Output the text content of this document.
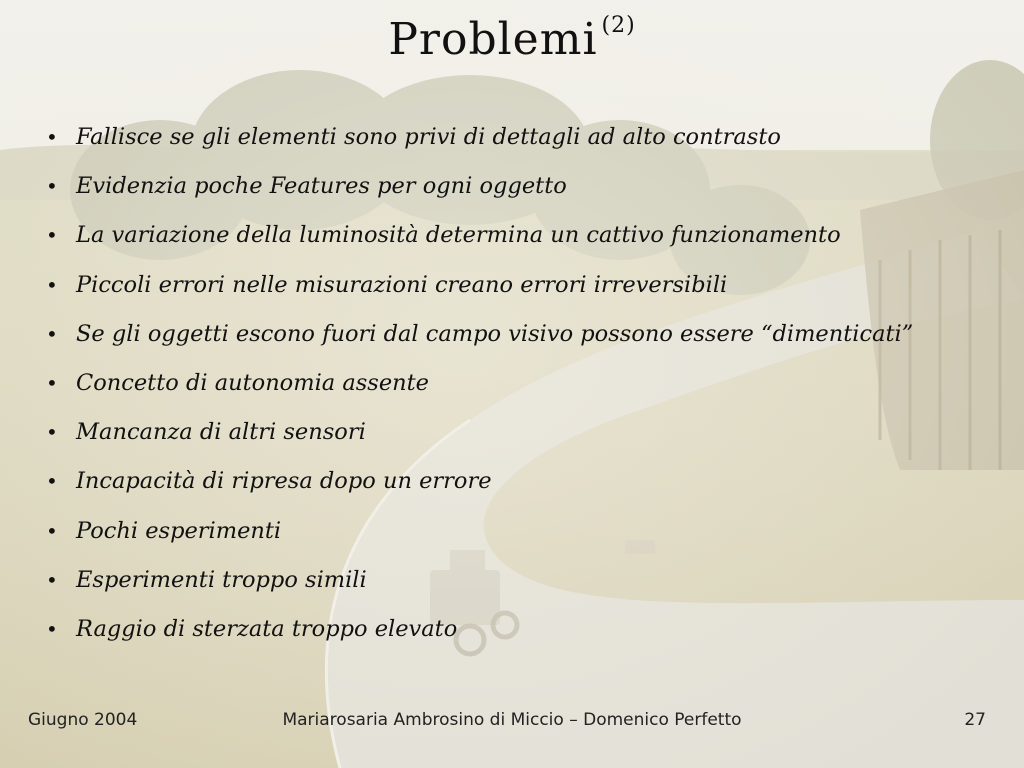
Problemi $^{(2)}$
• Fallisce se gli elementi sono privi di dettagli ad alto contrasto
• Evidenzia poche Features per ogni oggetto
• La variazione della luminosità determina un cattivo funzionamento
• Piccoli errori nelle misurazioni creano errori irreversibili
• Se gli oggetti escono fuori dal campo visivo possono essere “dimenticati”
• Concetto di autonomia assente
• Mancanza di altri sensori
• Incapacità di ripresa dopo un errore
• Pochi esperimenti
• Esperimenti troppo simili
• Raggio di sterzata troppo elevato
Giugno 2004	Mariarosaria Ambrosino di Miccio – Domenico Perfetto	27
